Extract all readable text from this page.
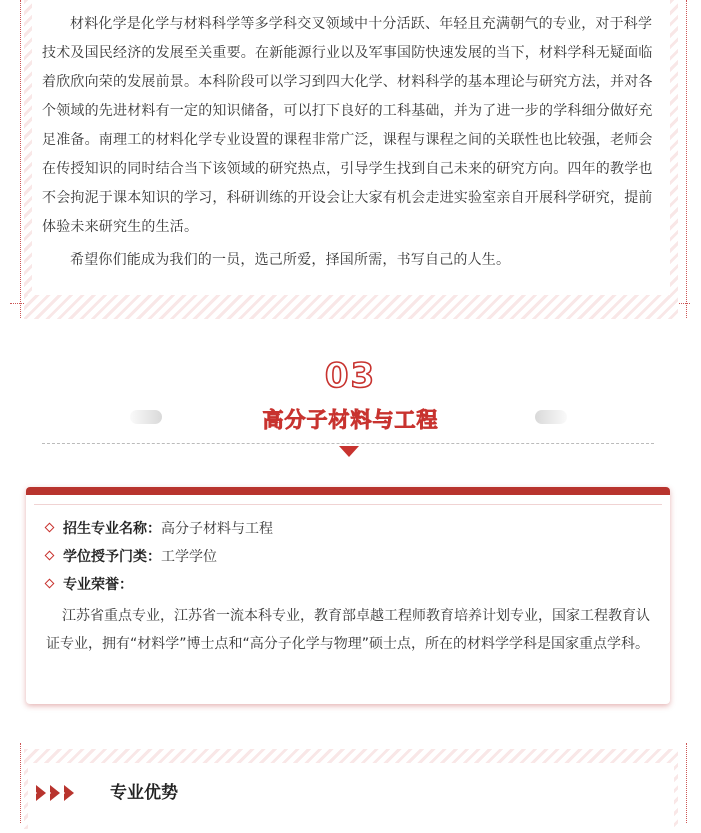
材料化学是化学与材料科学等多学科交叉领域中十分活跃、年轻且充满朝气的专业，对于科学技术及国民经济的发展至关重要。在新能源行业以及军事国防快速发展的当下，材料学科无疑面临着欣欣向荣的发展前景。本科阶段可以学习到四大化学、材料科学的基本理论与研究方法，并对各个领域的先进材料有一定的知识储备，可以打下良好的工科基础，并为了进一步的学科细分做好充足准备。南理工的材料化学专业设置的课程非常广泛，课程与课程之间的关联性也比较强，老师会在传授知识的同时结合当下该领域的研究热点，引导学生找到自己未来的研究方向。四年的教学也不会拘泥于课本知识的学习，科研训练的开设会让大家有机会走进实验室亲自开展科学研究，提前体验未来研究生的生活。

希望你们能成为我们的一员，选己所爱，择国所需，书写自己的人生。

03
高分子材料与工程
招生专业名称：高分子材料与工程
学位授予门类：工学学位
专业荣誉：

江苏省重点专业，江苏省一流本科专业，教育部卓越工程师教育培养计划专业，国家工程教育认证专业，拥有“材料学”博士点和“高分子化学与物理”硕士点，所在的材料学学科是国家重点学科。

专业优势
